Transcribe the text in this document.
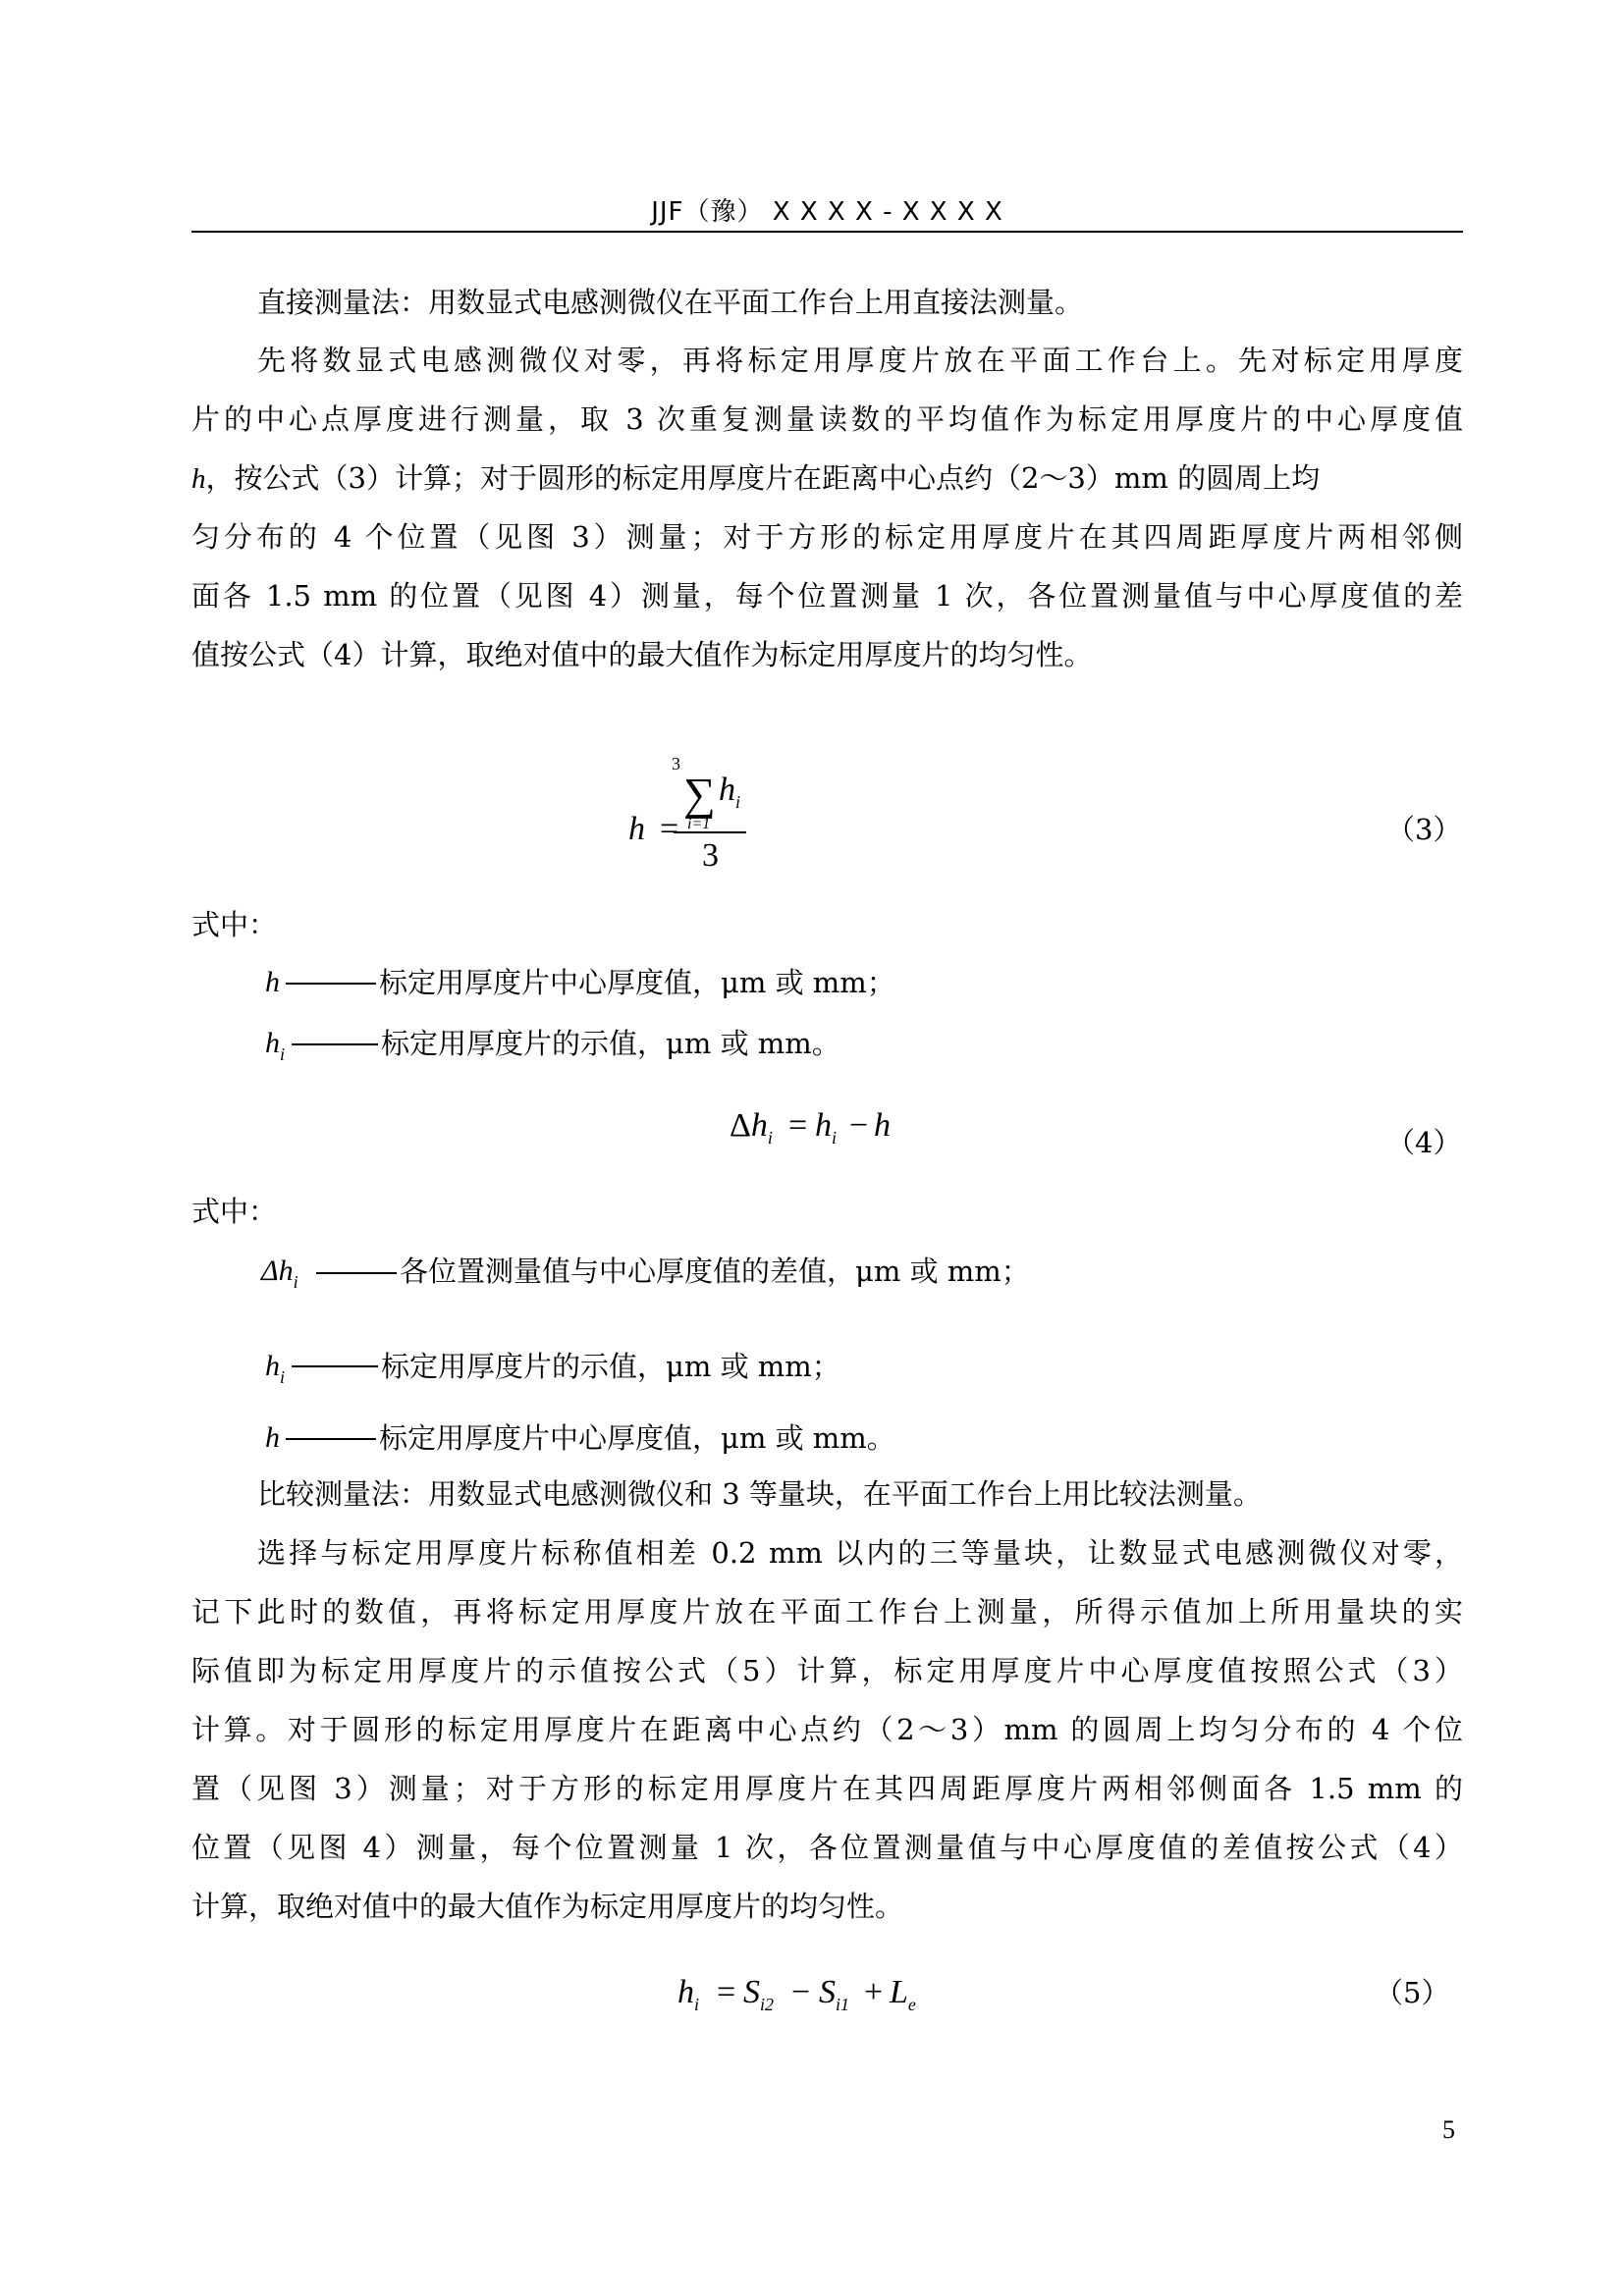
JJF（豫） X X X X - X X X X
直接测量法：用数显式电感测微仪在平面工作台上用直接法测量。
先将数显式电感测微仪对零，再将标定用厚度片放在平面工作台上。先对标定用厚度
片的中心点厚度进行测量，取 3 次重复测量读数的平均值作为标定用厚度片的中心厚度值
h，按公式（3）计算；对于圆形的标定用厚度片在距离中心点约（2～3）mm 的圆周上均
匀分布的 4 个位置（见图 3）测量；对于方形的标定用厚度片在其四周距厚度片两相邻侧
面各 1.5 mm 的位置（见图 4）测量，每个位置测量 1 次，各位置测量值与中心厚度值的差
值按公式（4）计算，取绝对值中的最大值作为标定用厚度片的均匀性。
h =
3
∑
i=1
$h_i$
3
（3）
式中：
h	标定用厚度片中心厚度值，μm 或 mm；
$h_i$	标定用厚度片的示值，μm 或 mm。
$\Delta h_i = h_i - h$	（4）
式中：
$\Delta h_i$	各位置测量值与中心厚度值的差值，μm 或 mm；
$h_i$	标定用厚度片的示值，μm 或 mm；
h	标定用厚度片中心厚度值，μm 或 mm。
比较测量法：用数显式电感测微仪和 3 等量块，在平面工作台上用比较法测量。
选择与标定用厚度片标称值相差 0.2 mm 以内的三等量块，让数显式电感测微仪对零，
记下此时的数值，再将标定用厚度片放在平面工作台上测量，所得示值加上所用量块的实
际值即为标定用厚度片的示值按公式（5）计算，标定用厚度片中心厚度值按照公式（3）
计算。对于圆形的标定用厚度片在距离中心点约（2～3）mm 的圆周上均匀分布的 4 个位
置（见图 3）测量；对于方形的标定用厚度片在其四周距厚度片两相邻侧面各 1.5 mm 的
位置（见图 4）测量，每个位置测量 1 次，各位置测量值与中心厚度值的差值按公式（4）
计算，取绝对值中的最大值作为标定用厚度片的均匀性。
$h_i = S_{i2} - S_{i1} + L_e$	（5）
5
